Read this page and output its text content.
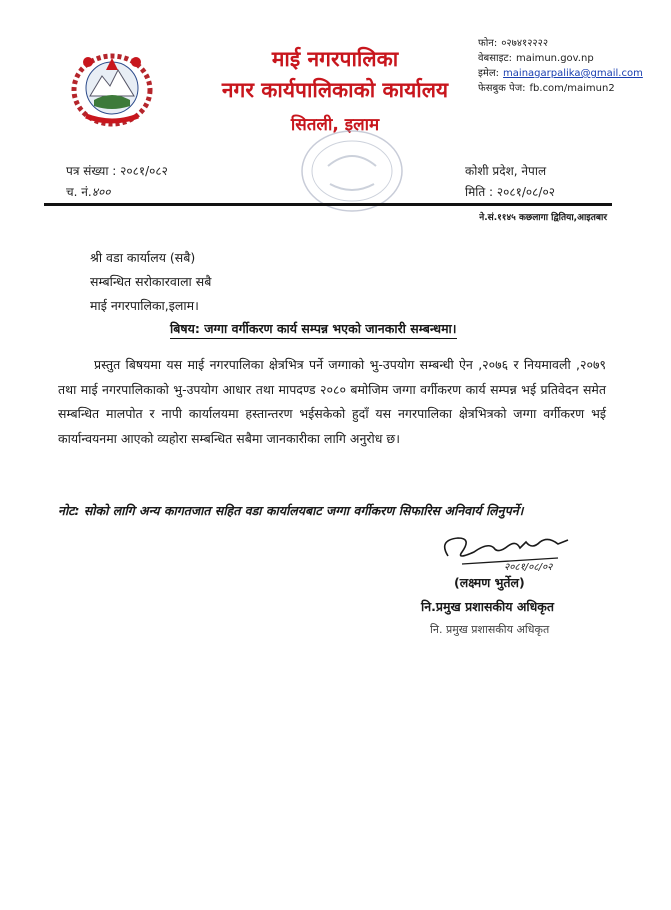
माई नगरपालिका
नगर कार्यपालिकाको कार्यालय
सितली, इलाम
फोन: ०२७४१२२२२
वेबसाइट: maimun.gov.np
इमेल: mainagarpalika@gmail.com
फेसबुक पेज: fb.com/maimun2
पत्र संख्या : २०८१/०८२
च. नं.४००
कोशी प्रदेश, नेपाल
मिति : २०८१/०८/०२
ने.सं.११४५ कछलागा द्वितिया,आइतबार
श्री वडा कार्यालय (सबै)
सम्बन्धित सरोकारवाला सबै
माई नगरपालिका,इलाम।
बिषय: जग्गा वर्गीकरण कार्य सम्पन्न भएको जानकारी सम्बन्धमा।
प्रस्तुत बिषयमा यस माई नगरपालिका क्षेत्रभित्र पर्ने जग्गाको भु-उपयोग सम्बन्धी ऐन ,२०७६ र नियमावली ,२०७९ तथा माई नगरपालिकाको भु-उपयोग आधार तथा मापदण्ड २०८० बमोजिम जग्गा वर्गीकरण कार्य सम्पन्न भई प्रतिवेदन समेत सम्बन्धित मालपोत र नापी कार्यालयमा हस्तान्तरण भईसकेको हुदाँ यस नगरपालिका क्षेत्रभित्रको जग्गा वर्गीकरण भई कार्यान्वयनमा आएको व्यहोरा सम्बन्धित सबैमा जानकारीका लागि अनुरोध छ।
नोट: सोको लागि अन्य कागतजात सहित वडा कार्यालयबाट जग्गा वर्गीकरण सिफारिस अनिवार्य लिनुपर्ने।
२०८१/०८/०२
(लक्ष्मण भुर्तेल)
नि.प्रमुख प्रशासकीय अधिकृत
नि. प्रमुख प्रशासकीय अधिकृत
